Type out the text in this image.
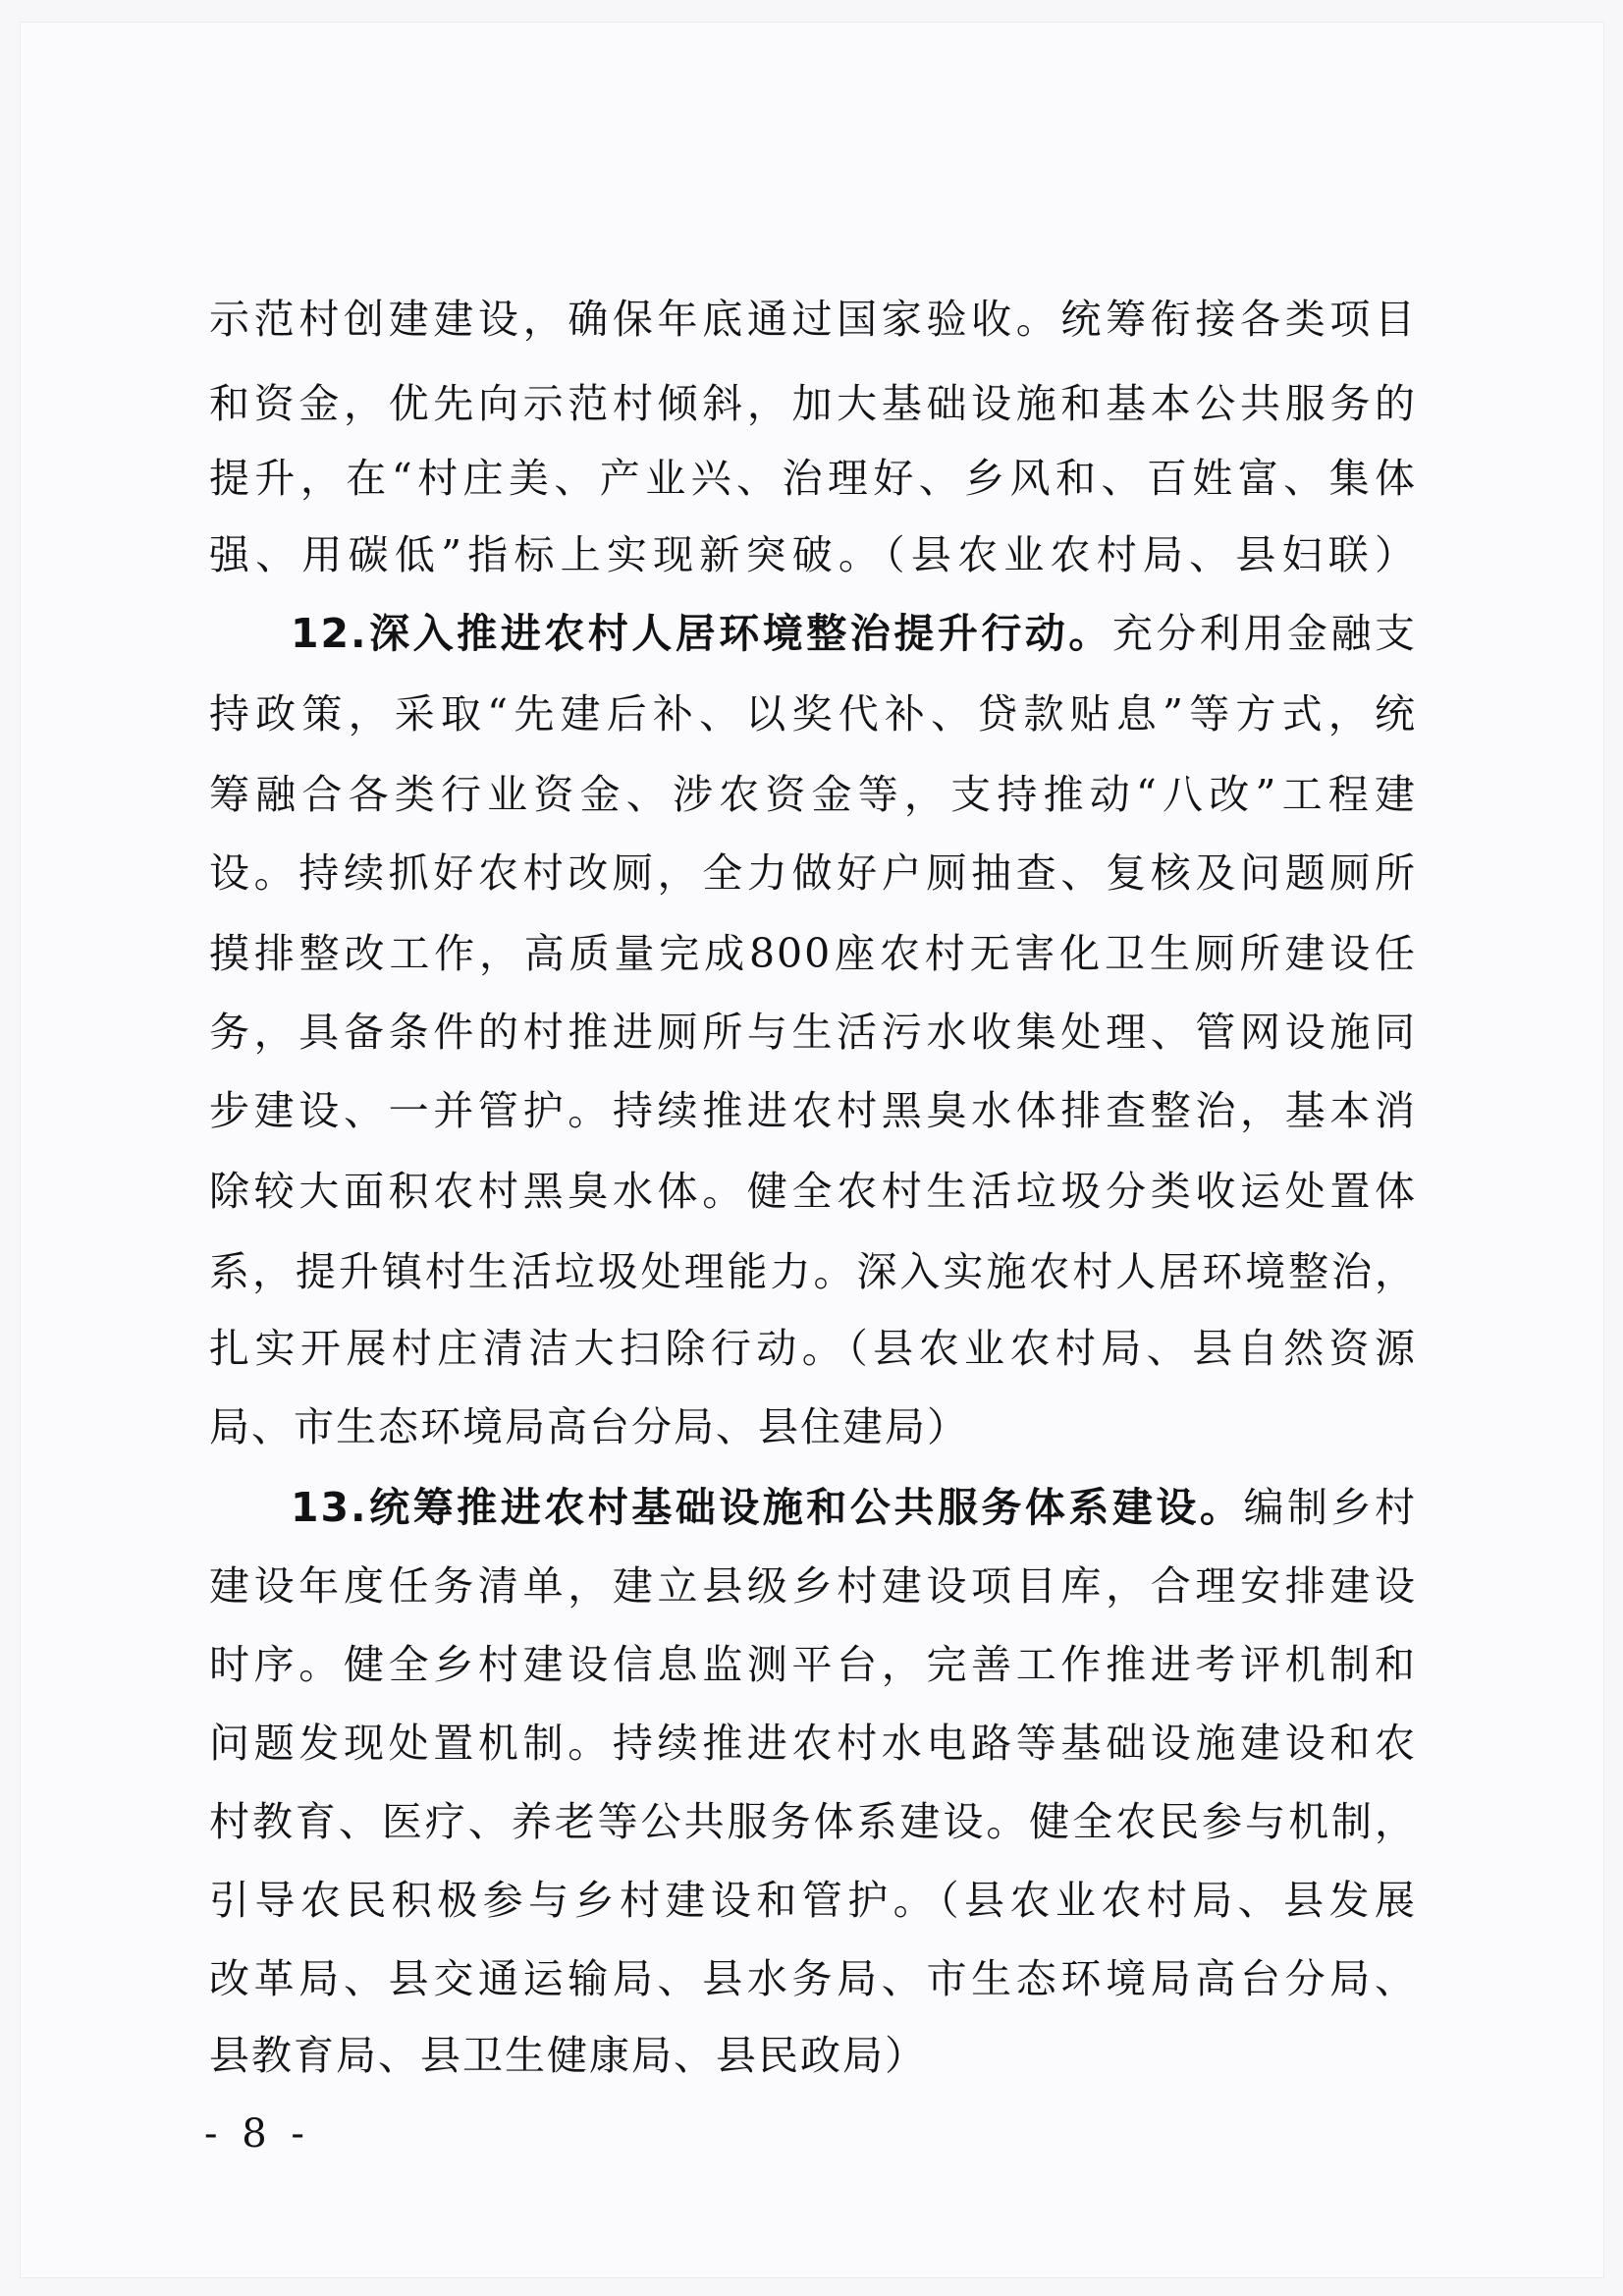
示范村创建建设，确保年底通过国家验收。统筹衔接各类项目
和资金，优先向示范村倾斜，加大基础设施和基本公共服务的
提升，在“村庄美、产业兴、治理好、乡风和、百姓富、集体
强、用碳低”指标上实现新突破。（县农业农村局、县妇联）
12.深入推进农村人居环境整治提升行动。充分利用金融支
持政策，采取“先建后补、以奖代补、贷款贴息”等方式，统
筹融合各类行业资金、涉农资金等，支持推动“八改”工程建
设。持续抓好农村改厕，全力做好户厕抽查、复核及问题厕所
摸排整改工作，高质量完成800座农村无害化卫生厕所建设任
务，具备条件的村推进厕所与生活污水收集处理、管网设施同
步建设、一并管护。持续推进农村黑臭水体排查整治，基本消
除较大面积农村黑臭水体。健全农村生活垃圾分类收运处置体
系，提升镇村生活垃圾处理能力。深入实施农村人居环境整治，
扎实开展村庄清洁大扫除行动。（县农业农村局、县自然资源
局、市生态环境局高台分局、县住建局）
13.统筹推进农村基础设施和公共服务体系建设。编制乡村
建设年度任务清单，建立县级乡村建设项目库，合理安排建设
时序。健全乡村建设信息监测平台，完善工作推进考评机制和
问题发现处置机制。持续推进农村水电路等基础设施建设和农
村教育、医疗、养老等公共服务体系建设。健全农民参与机制，
引导农民积极参与乡村建设和管护。（县农业农村局、县发展
改革局、县交通运输局、县水务局、市生态环境局高台分局、
县教育局、县卫生健康局、县民政局）
- 8 -
